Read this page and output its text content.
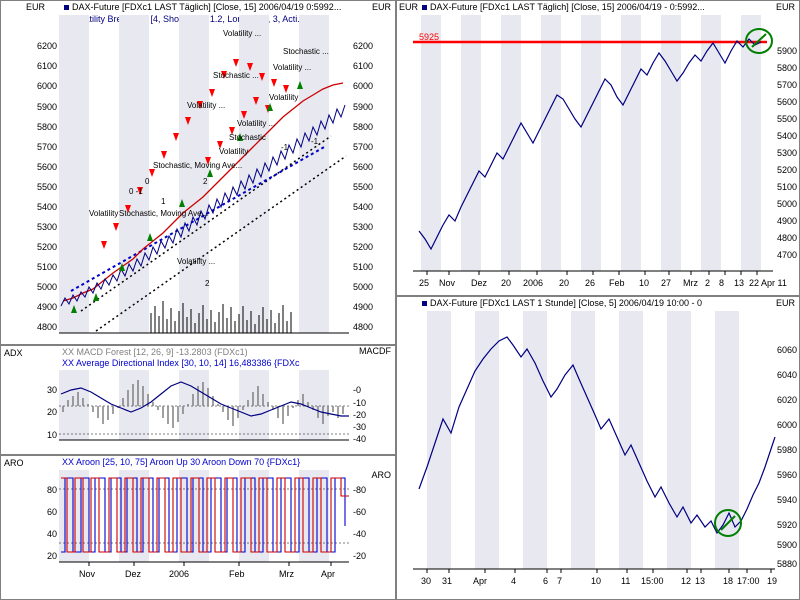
DAX-Future [FDXc1 LAST Täglich] [Close, 15] 2006/04/19 0:5992...
[4, 1.2, 3, Acti...
EUR	EUR
6200
6100
6000
5900
5800
5700
5600
5500
5400
5300
5200
5100
5000
4900
4800
6200
6100
6000
5900
5800
5700
5600
5500
5400
5300
5200
5100
5000
4900
4800
Stochastic ...
Volatility ...
Volatility ...
Stochastic ...
Volatility
Volatility ...
Volatility ...
Stochastic
Volatility
Stochastic, Moving Ave...
Stochastic, Moving Ave...
Volatility ...
Volatility
-1
0 -1
1
2
-1
2
0
ADX	XX MACD Forest [12, 26, 9] -13.2803 (FDXc1)
XX Average Directional Index [30, 10, 14] 16,483386 {FDXc
MACDF
30
20
10
-0
-10
-20
-30
-40
ARO	XX Aroon [25, 10, 75] Aroon Up 30 Aroon Down 70 {FDXc1}
ARO
80
60
40
20
-80
-60
-40
-20
Nov	Dez	2006	Feb	Mrz	Apr
DAX-Future [FDXc1 LAST Täglich] [Close, 15] 2006/04/19 - 0:5992...
EUR	EUR
5925
5900
5800
5700
5600
5500
5400
5300
5200
5100
5000
4900
4800
4700
25 Nov Dez 20 2006 20 26 Feb 10 27 Mrz 2 8 13 22 Apr 11
DAX-Future [FDXc1 LAST 1 Stunde] [Close, 5] 2006/04/19 10:00 - 0	EUR
6060
6040
6020
6000
5980
5960
5940
5920
5900
5880
30 31 Apr	4	6 7	10 11 15:00 12 13 18 17:00 19
